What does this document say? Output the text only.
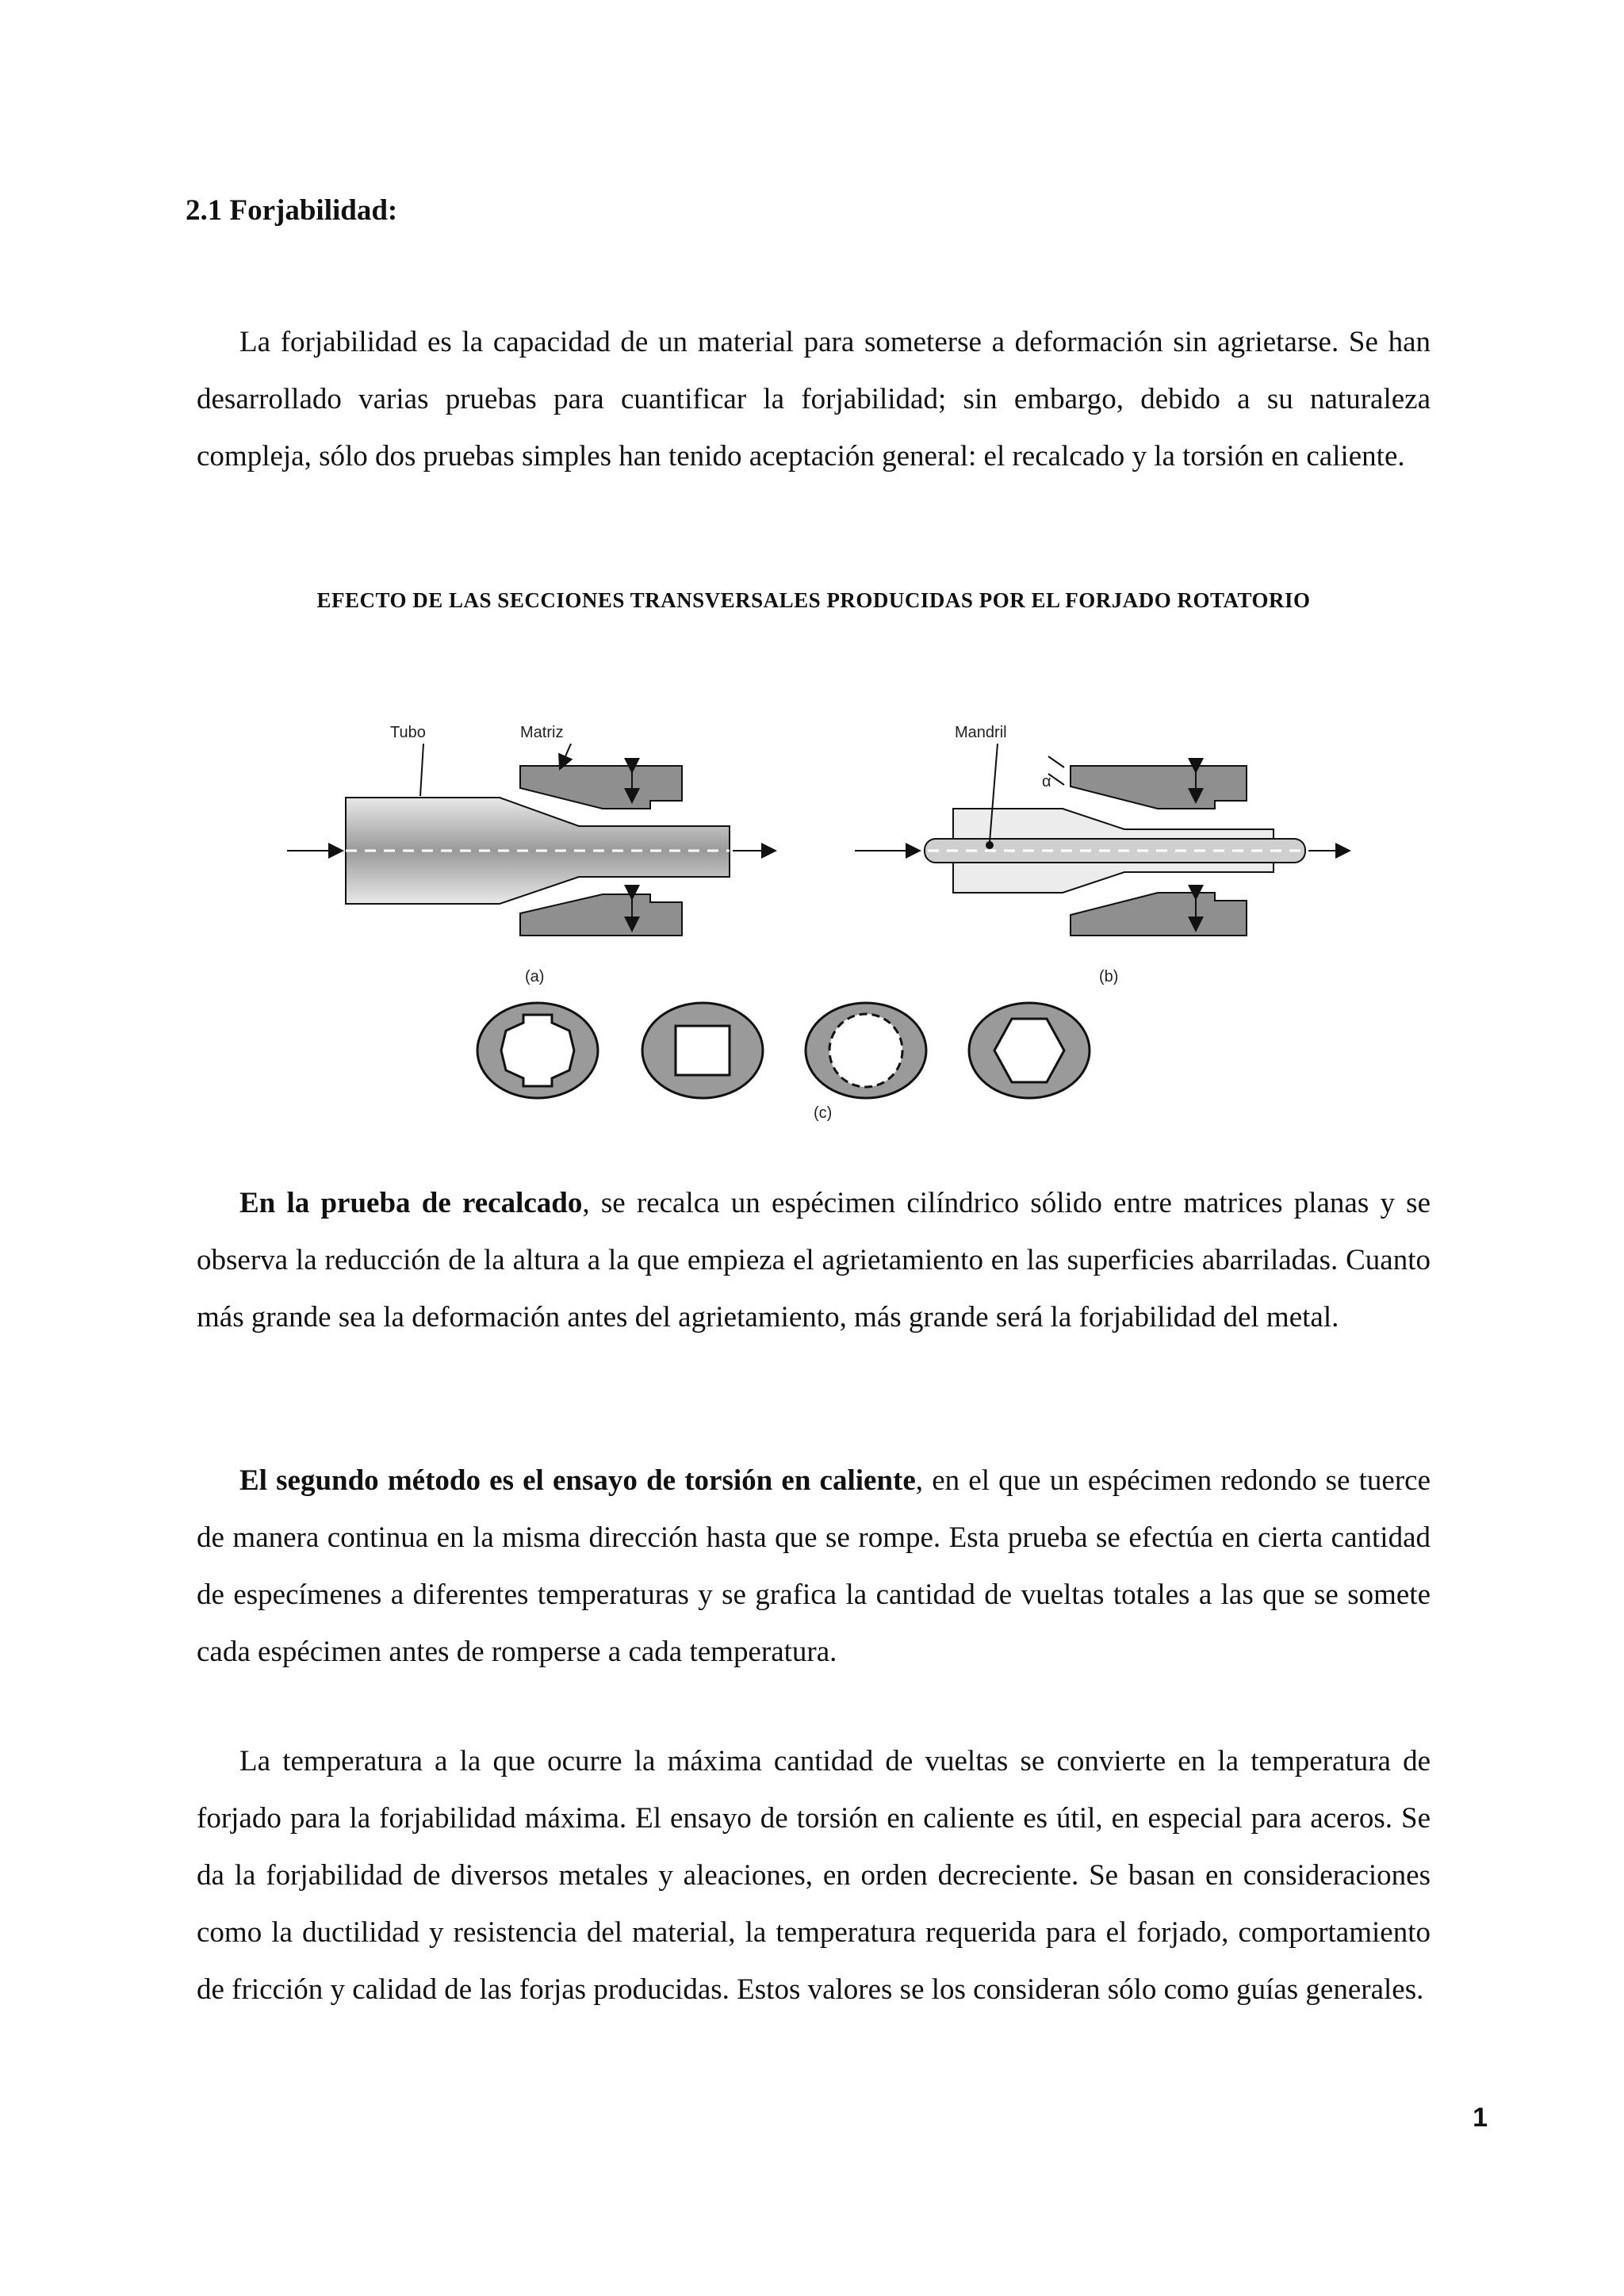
2.1 Forjabilidad:
La forjabilidad es la capacidad de un material para someterse a deformación sin agrietarse. Se han desarrollado varias pruebas para cuantificar la forjabilidad; sin embargo, debido a su naturaleza compleja, sólo dos pruebas simples han tenido aceptación general: el recalcado y la torsión en caliente.
EFECTO DE LAS SECCIONES TRANSVERSALES PRODUCIDAS POR EL FORJADO ROTATORIO
Tubo	Matriz
(a)
Mandril
α
(b)
(c)
En la prueba de recalcado, se recalca un espécimen cilíndrico sólido entre matrices planas y se observa la reducción de la altura a la que empieza el agrietamiento en las superficies abarriladas. Cuanto más grande sea la deformación antes del agrietamiento, más grande será la forjabilidad del metal.
El segundo método es el ensayo de torsión en caliente, en el que un espécimen redondo se tuerce de manera continua en la misma dirección hasta que se rompe. Esta prueba se efectúa en cierta cantidad de especímenes a diferentes temperaturas y se grafica la cantidad de vueltas totales a las que se somete cada espécimen antes de romperse a cada temperatura.
La temperatura a la que ocurre la máxima cantidad de vueltas se convierte en la temperatura de forjado para la forjabilidad máxima. El ensayo de torsión en caliente es útil, en especial para aceros. Se da la forjabilidad de diversos metales y aleaciones, en orden decreciente. Se basan en consideraciones como la ductilidad y resistencia del material, la temperatura requerida para el forjado, comportamiento de fricción y calidad de las forjas producidas. Estos valores se los consideran sólo como guías generales.
1
